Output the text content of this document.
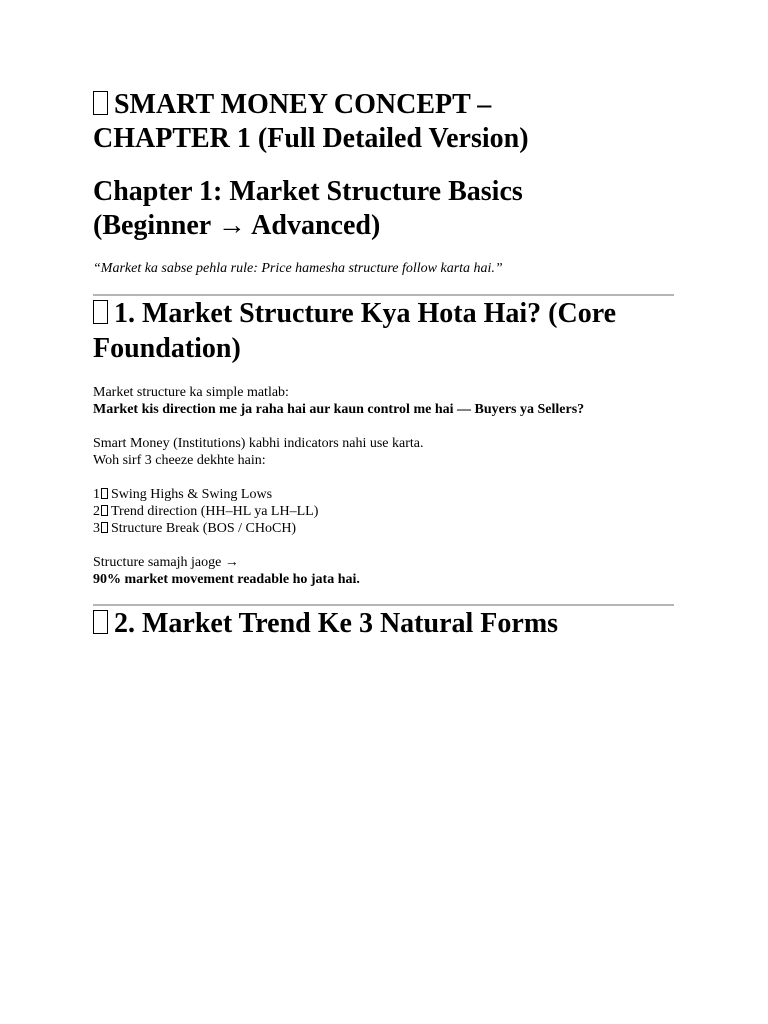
SMART MONEY CONCEPT –
CHAPTER 1 (Full Detailed Version)
Chapter 1: Market Structure Basics
(Beginner → Advanced)

“Market ka sabse pehla rule: Price hamesha structure follow karta hai.”

1. Market Structure Kya Hota Hai? (Core
Foundation)

Market structure ka simple matlab:
Market kis direction me ja raha hai aur kaun control me hai — Buyers ya Sellers?

Smart Money (Institutions) kabhi indicators nahi use karta.
Woh sirf 3 cheeze dekhte hain:

1 Swing Highs & Swing Lows
2 Trend direction (HH–HL ya LH–LL)
3 Structure Break (BOS / CHoCH)

Structure samajh jaoge →
90% market movement readable ho jata hai.

2. Market Trend Ke 3 Natural Forms
